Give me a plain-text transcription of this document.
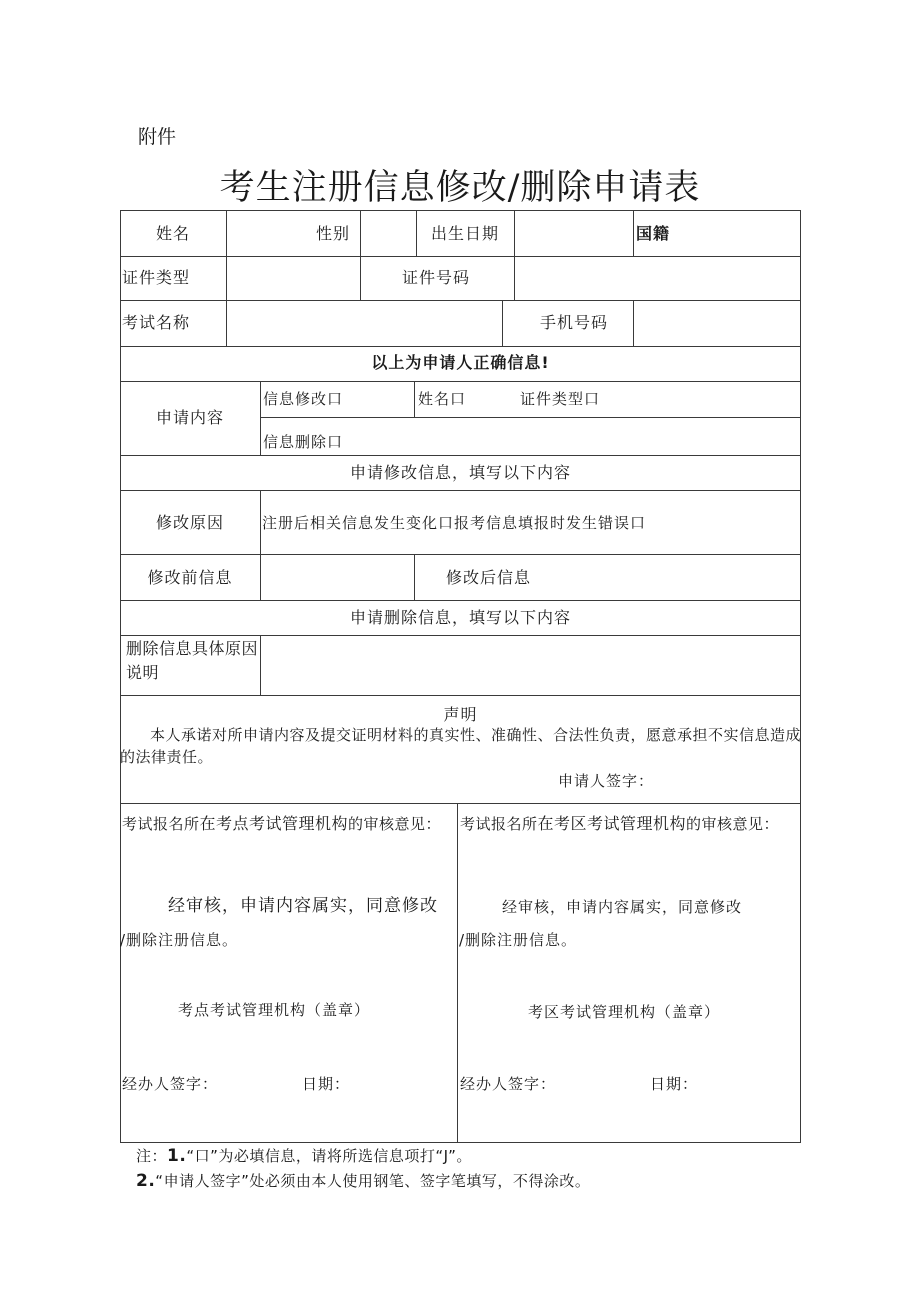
附件
考生注册信息修改/删除申请表
姓名	性别	出生日期	国籍
证件类型	证件号码
考试名称	手机号码
以上为申请人正确信息!
申请内容
信息修改口	姓名口	证件类型口
信息删除口
申请修改信息，填写以下内容
修改原因	注册后相关信息发生变化口报考信息填报时发生错误口
修改前信息	修改后信息
申请删除信息，填写以下内容
删除信息具体原因说明
声明
本人承诺对所申请内容及提交证明材料的真实性、准确性、合法性负责，愿意承担不实信息造成的法律责任。
申请人签字：
考试报名所在考点考试管理机构的审核意见：
经审核，申请内容属实，同意修改
/删除注册信息。
考点考试管理机构（盖章）
经办人签字：	日期：
考试报名所在考区考试管理机构的审核意见：
经审核，申请内容属实，同意修改
/删除注册信息。
考区考试管理机构（盖章）
经办人签字：	日期：
注：1.“口”为必填信息，请将所选信息项打“J”。
2.“申请人签字”处必须由本人使用钢笔、签字笔填写，不得涂改。
